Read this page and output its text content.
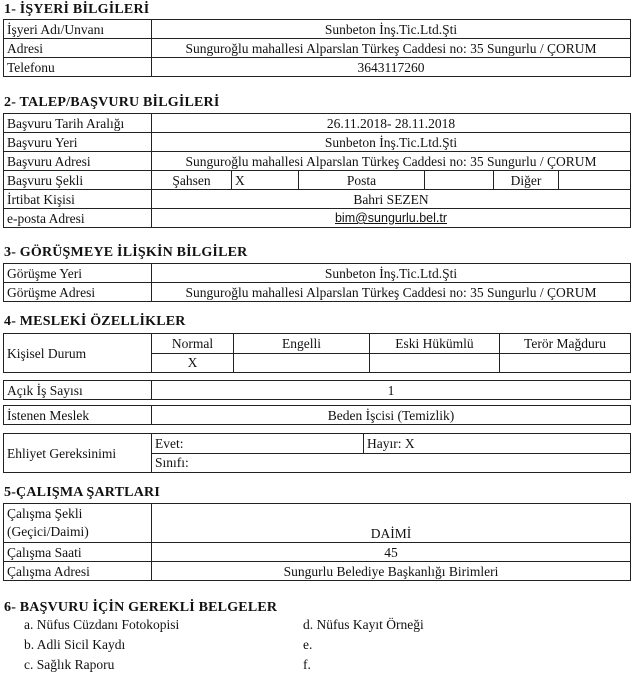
1- İŞYERİ BİLGİLERİ
İşyeri Adı/Unvanı	Sunbeton İnş.Tic.Ltd.Şti
Adresi	Sunguroğlu mahallesi Alparslan Türkeş Caddesi no: 35 Sungurlu / ÇORUM
Telefonu	3643117260
2- TALEP/BAŞVURU BİLGİLERİ
Başvuru Tarih Aralığı	26.11.2018- 28.11.2018					
Başvuru Yeri	Sunbeton İnş.Tic.Ltd.Şti					
Başvuru Adresi	Sunguroğlu mahallesi Alparslan Türkeş Caddesi no: 35 Sungurlu / ÇORUM					
Başvuru Şekli	Şahsen	X	Posta		Diğer	
İrtibat Kişisi	Bahri SEZEN					
e-posta Adresi	bim@sungurlu.bel.tr					
3- GÖRÜŞMEYE İLİŞKİN BİLGİLER
Görüşme Yeri	Sunbeton İnş.Tic.Ltd.Şti
Görüşme Adresi	Sunguroğlu mahallesi Alparslan Türkeş Caddesi no: 35 Sungurlu / ÇORUM
4- MESLEKİ ÖZELLİKLER
Kişisel Durum	Normal	Engelli	Eski Hükümlü	Terör Mağduru
	X			
Açık İş Sayısı	1
İstenen Meslek	Beden İşcisi (Temizlik)
Ehliyet Gereksinimi	Evet:	Hayır: X
Sınıfı:
5-ÇALIŞMA ŞARTLARI
Çalışma Şekli
(Geçici/Daimi)	DAİMİ
Çalışma Saati	45
Çalışma Adresi	Sungurlu Belediye Başkanlığı Birimleri
6- BAŞVURU İÇİN GEREKLİ BELGELER
a. Nüfus Cüzdanı Fotokopisi
b. Adli Sicil Kaydı
c. Sağlık Raporu
d. Nüfus Kayıt Örneği
e.
f.
